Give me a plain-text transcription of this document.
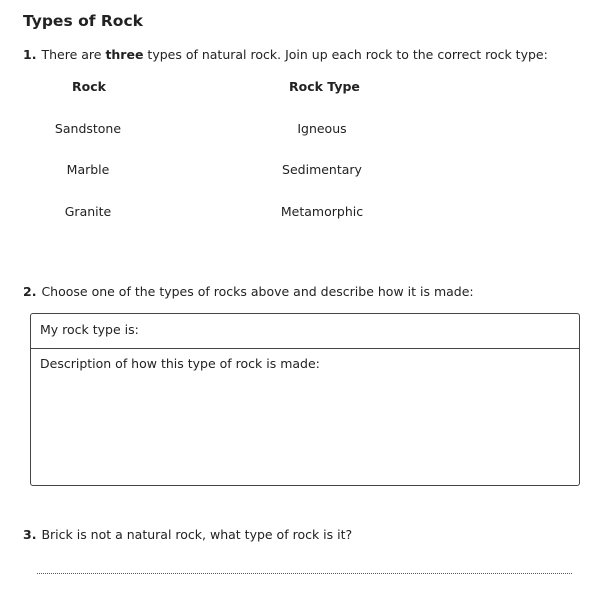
Types of Rock
1. There are three types of natural rock. Join up each rock to the correct rock type:
Rock	Rock Type
Sandstone
Marble
Granite
Igneous
Sedimentary
Metamorphic
2. Choose one of the types of rocks above and describe how it is made:
My rock type is:
Description of how this type of rock is made:
3. Brick is not a natural rock, what type of rock is it?
